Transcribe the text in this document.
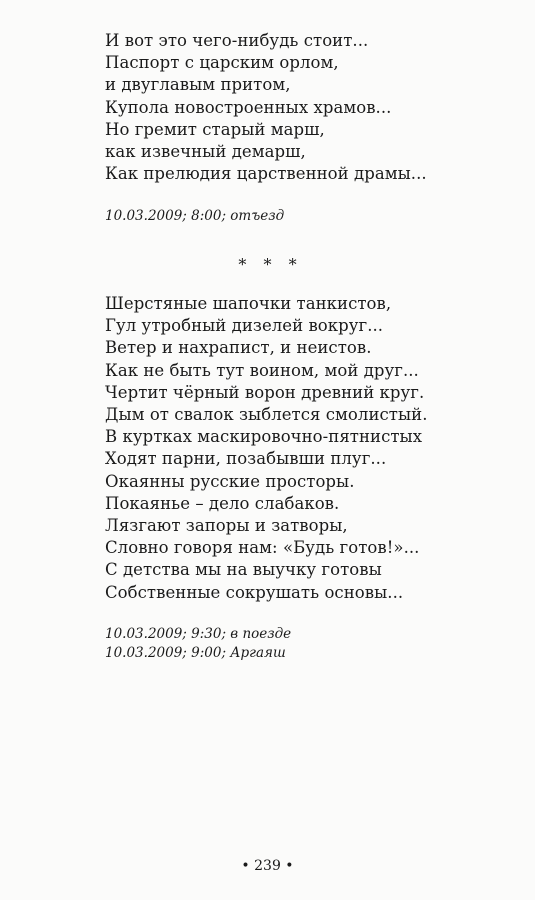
И вот это чего-нибудь стоит...
Паспорт с царским орлом,
и двуглавым притом,
Купола новостроенных храмов...
Но гремит старый марш,
как извечный демарш,
Как прелюдия царственной драмы...
10.03.2009; 8:00; отъезд
* * *
Шерстяные шапочки танкистов,
Гул утробный дизелей вокруг...
Ветер и нахрапист, и неистов.
Как не быть тут воином, мой друг...
Чертит чёрный ворон древний круг.
Дым от свалок зыблется смолистый.
В куртках маскировочно-пятнистых
Ходят парни, позабывши плуг...
Окаянны русские просторы.
Покаянье – дело слабаков.
Лязгают запоры и затворы,
Словно говоря нам: «Будь готов!»...
С детства мы на выучку готовы
Собственные сокрушать основы...
10.03.2009; 9:30; в поезде
10.03.2009; 9:00; Аргаяш
• 239 •
